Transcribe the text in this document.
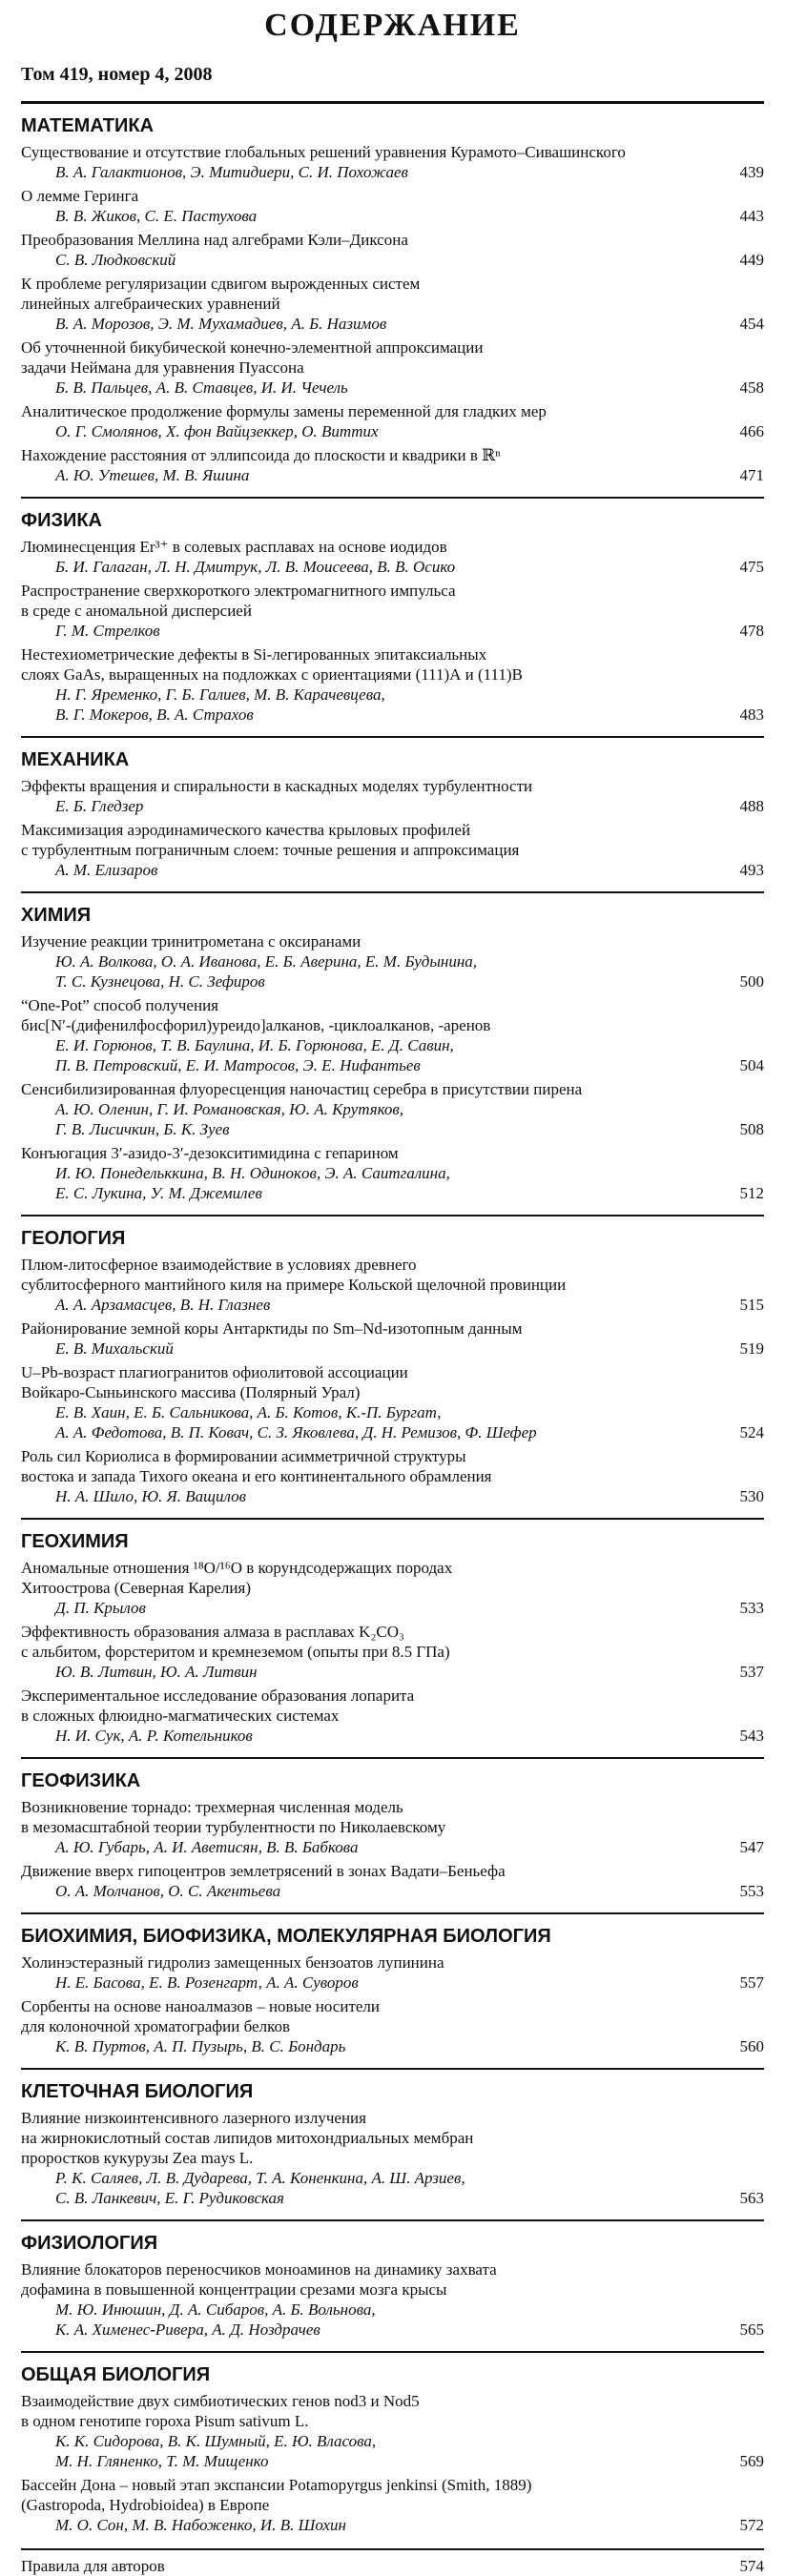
СОДЕРЖАНИЕ
Том 419, номер 4, 2008
МАТЕМАТИКА
Существование и отсутствие глобальных решений уравнения Курамото–Сивашинского
В. А. Галактионов, Э. Митидиери, С. И. Похожаев	439
О лемме Геринга
В. В. Жиков, С. Е. Пастухова	443
Преобразования Меллина над алгебрами Кэли–Диксона
С. В. Людковский	449
К проблеме регуляризации сдвигом вырожденных систем
линейных алгебраических уравнений
В. А. Морозов, Э. М. Мухамадиев, А. Б. Назимов	454
Об уточненной бикубической конечно-элементной аппроксимации
задачи Неймана для уравнения Пуассона
Б. В. Пальцев, А. В. Ставцев, И. И. Чечель	458
Аналитическое продолжение формулы замены переменной для гладких мер
О. Г. Смолянов, Х. фон Вайцзеккер, О. Виттих	466
Нахождение расстояния от эллипсоида до плоскости и квадрики в ℝⁿ
А. Ю. Утешев, М. В. Яшина	471
ФИЗИКА
Люминесценция Er³⁺ в солевых расплавах на основе иодидов
Б. И. Галаган, Л. Н. Дмитрук, Л. В. Моисеева, В. В. Осико	475
Распространение сверхкороткого электромагнитного импульса
в среде с аномальной дисперсией
Г. М. Стрелков	478
Нестехиометрические дефекты в Si-легированных эпитаксиальных
слоях GaAs, выращенных на подложках с ориентациями (111)А и (111)В
Н. Г. Яременко, Г. Б. Галиев, М. В. Карачевцева,
В. Г. Мокеров, В. А. Страхов	483
МЕХАНИКА
Эффекты вращения и спиральности в каскадных моделях турбулентности
Е. Б. Гледзер	488
Максимизация аэродинамического качества крыловых профилей
с турбулентным пограничным слоем: точные решения и аппроксимация
А. М. Елизаров	493
ХИМИЯ
Изучение реакции тринитрометана с оксиранами
Ю. А. Волкова, О. А. Иванова, Е. Б. Аверина, Е. М. Будынина,
Т. С. Кузнецова, Н. С. Зефиров	500
“One-Pot” способ получения
бис[N′-(дифенилфосфорил)уреидо]алканов, -циклоалканов, -аренов
Е. И. Горюнов, Т. В. Баулина, И. Б. Горюнова, Е. Д. Савин,
П. В. Петровский, Е. И. Матросов, Э. Е. Нифантьев	504
Сенсибилизированная флуоресценция наночастиц серебра в присутствии пирена
А. Ю. Оленин, Г. И. Романовская, Ю. А. Крутяков,
Г. В. Лисичкин, Б. К. Зуев	508
Конъюгация 3′-азидо-3′-дезокситимидина с гепарином
И. Ю. Понедельккина, В. Н. Одинокoв, Э. А. Саитгалина,
Е. С. Лукина, У. М. Джемилев	512
ГЕОЛОГИЯ
Плюм-литосферное взаимодействие в условиях древнего
сублитосферного мантийного киля на примере Кольской щелочной провинции
А. А. Арзамасцев, В. Н. Глазнев	515
Районирование земной коры Антарктиды по Sm–Nd-изотопным данным
Е. В. Михальский	519
U–Pb-возраст плагиогранитов офиолитовой ассоциации
Войкаро-Сыньинского массива (Полярный Урал)
Е. В. Хаин, Е. Б. Сальникова, А. Б. Котов, К.-П. Бургат,
А. А. Федотова, В. П. Ковач, С. З. Яковлева, Д. Н. Ремизов, Ф. Шефер	524
Роль сил Кориолиса в формировании асимметричной структуры
востока и запада Тихого океана и его континентального обрамления
Н. А. Шило, Ю. Я. Ващилов	530
ГЕОХИМИЯ
Аномальные отношения ¹⁸O/¹⁶O в корундсодержащих породах
Хитоострова (Северная Карелия)
Д. П. Крылов	533
Эффективность образования алмаза в расплавах K₂CO₃
с альбитом, форстеритом и кремнеземом (опыты при 8.5 ГПа)
Ю. В. Литвин, Ю. А. Литвин	537
Экспериментальное исследование образования лопарита
в сложных флюидно-магматических системах
Н. И. Сук, А. Р. Котельников	543
ГЕОФИЗИКА
Возникновение торнадо: трехмерная численная модель
в мезомасштабной теории турбулентности по Николаевскому
А. Ю. Губарь, А. И. Аветисян, В. В. Бабкова	547
Движение вверх гипоцентров землетрясений в зонах Вадати–Беньефа
О. А. Молчанов, О. С. Акентьева	553
БИОХИМИЯ, БИОФИЗИКА, МОЛЕКУЛЯРНАЯ БИОЛОГИЯ
Холинэстеразный гидролиз замещенных бензоатов лупинина
Н. Е. Басова, Е. В. Розенгарт, А. А. Суворов	557
Сорбенты на основе наноалмазов – новые носители
для колоночной хроматографии белков
К. В. Пуртов, А. П. Пузырь, В. С. Бондарь	560
КЛЕТОЧНАЯ БИОЛОГИЯ
Влияние низкоинтенсивного лазерного излучения
на жирнокислотный состав липидов митохондриальных мембран
проростков кукурузы Zea mays L.
Р. К. Саляев, Л. В. Дударева, Т. А. Коненкина, А. Ш. Арзиев,
С. В. Ланкевич, Е. Г. Рудиковская	563
ФИЗИОЛОГИЯ
Влияние блокаторов переносчиков моноаминов на динамику захвата
дофамина в повышенной концентрации срезами мозга крысы
М. Ю. Инюшин, Д. А. Сибаров, А. Б. Вольнова,
К. А. Хименес-Ривера, А. Д. Ноздрачев	565
ОБЩАЯ БИОЛОГИЯ
Взаимодействие двух симбиотических генов nod3 и Nod5
в одном генотипе гороха Pisum sativum L.
К. К. Сидорова, В. К. Шумный, Е. Ю. Власова,
М. Н. Гляненко, Т. М. Мищенко	569
Бассейн Дона – новый этап экспансии Potamopyrgus jenkinsi (Smith, 1889)
(Gastropoda, Hydrobioidea) в Европе
М. О. Сон, М. В. Набоженко, И. В. Шохин	572
Правила для авторов	574
